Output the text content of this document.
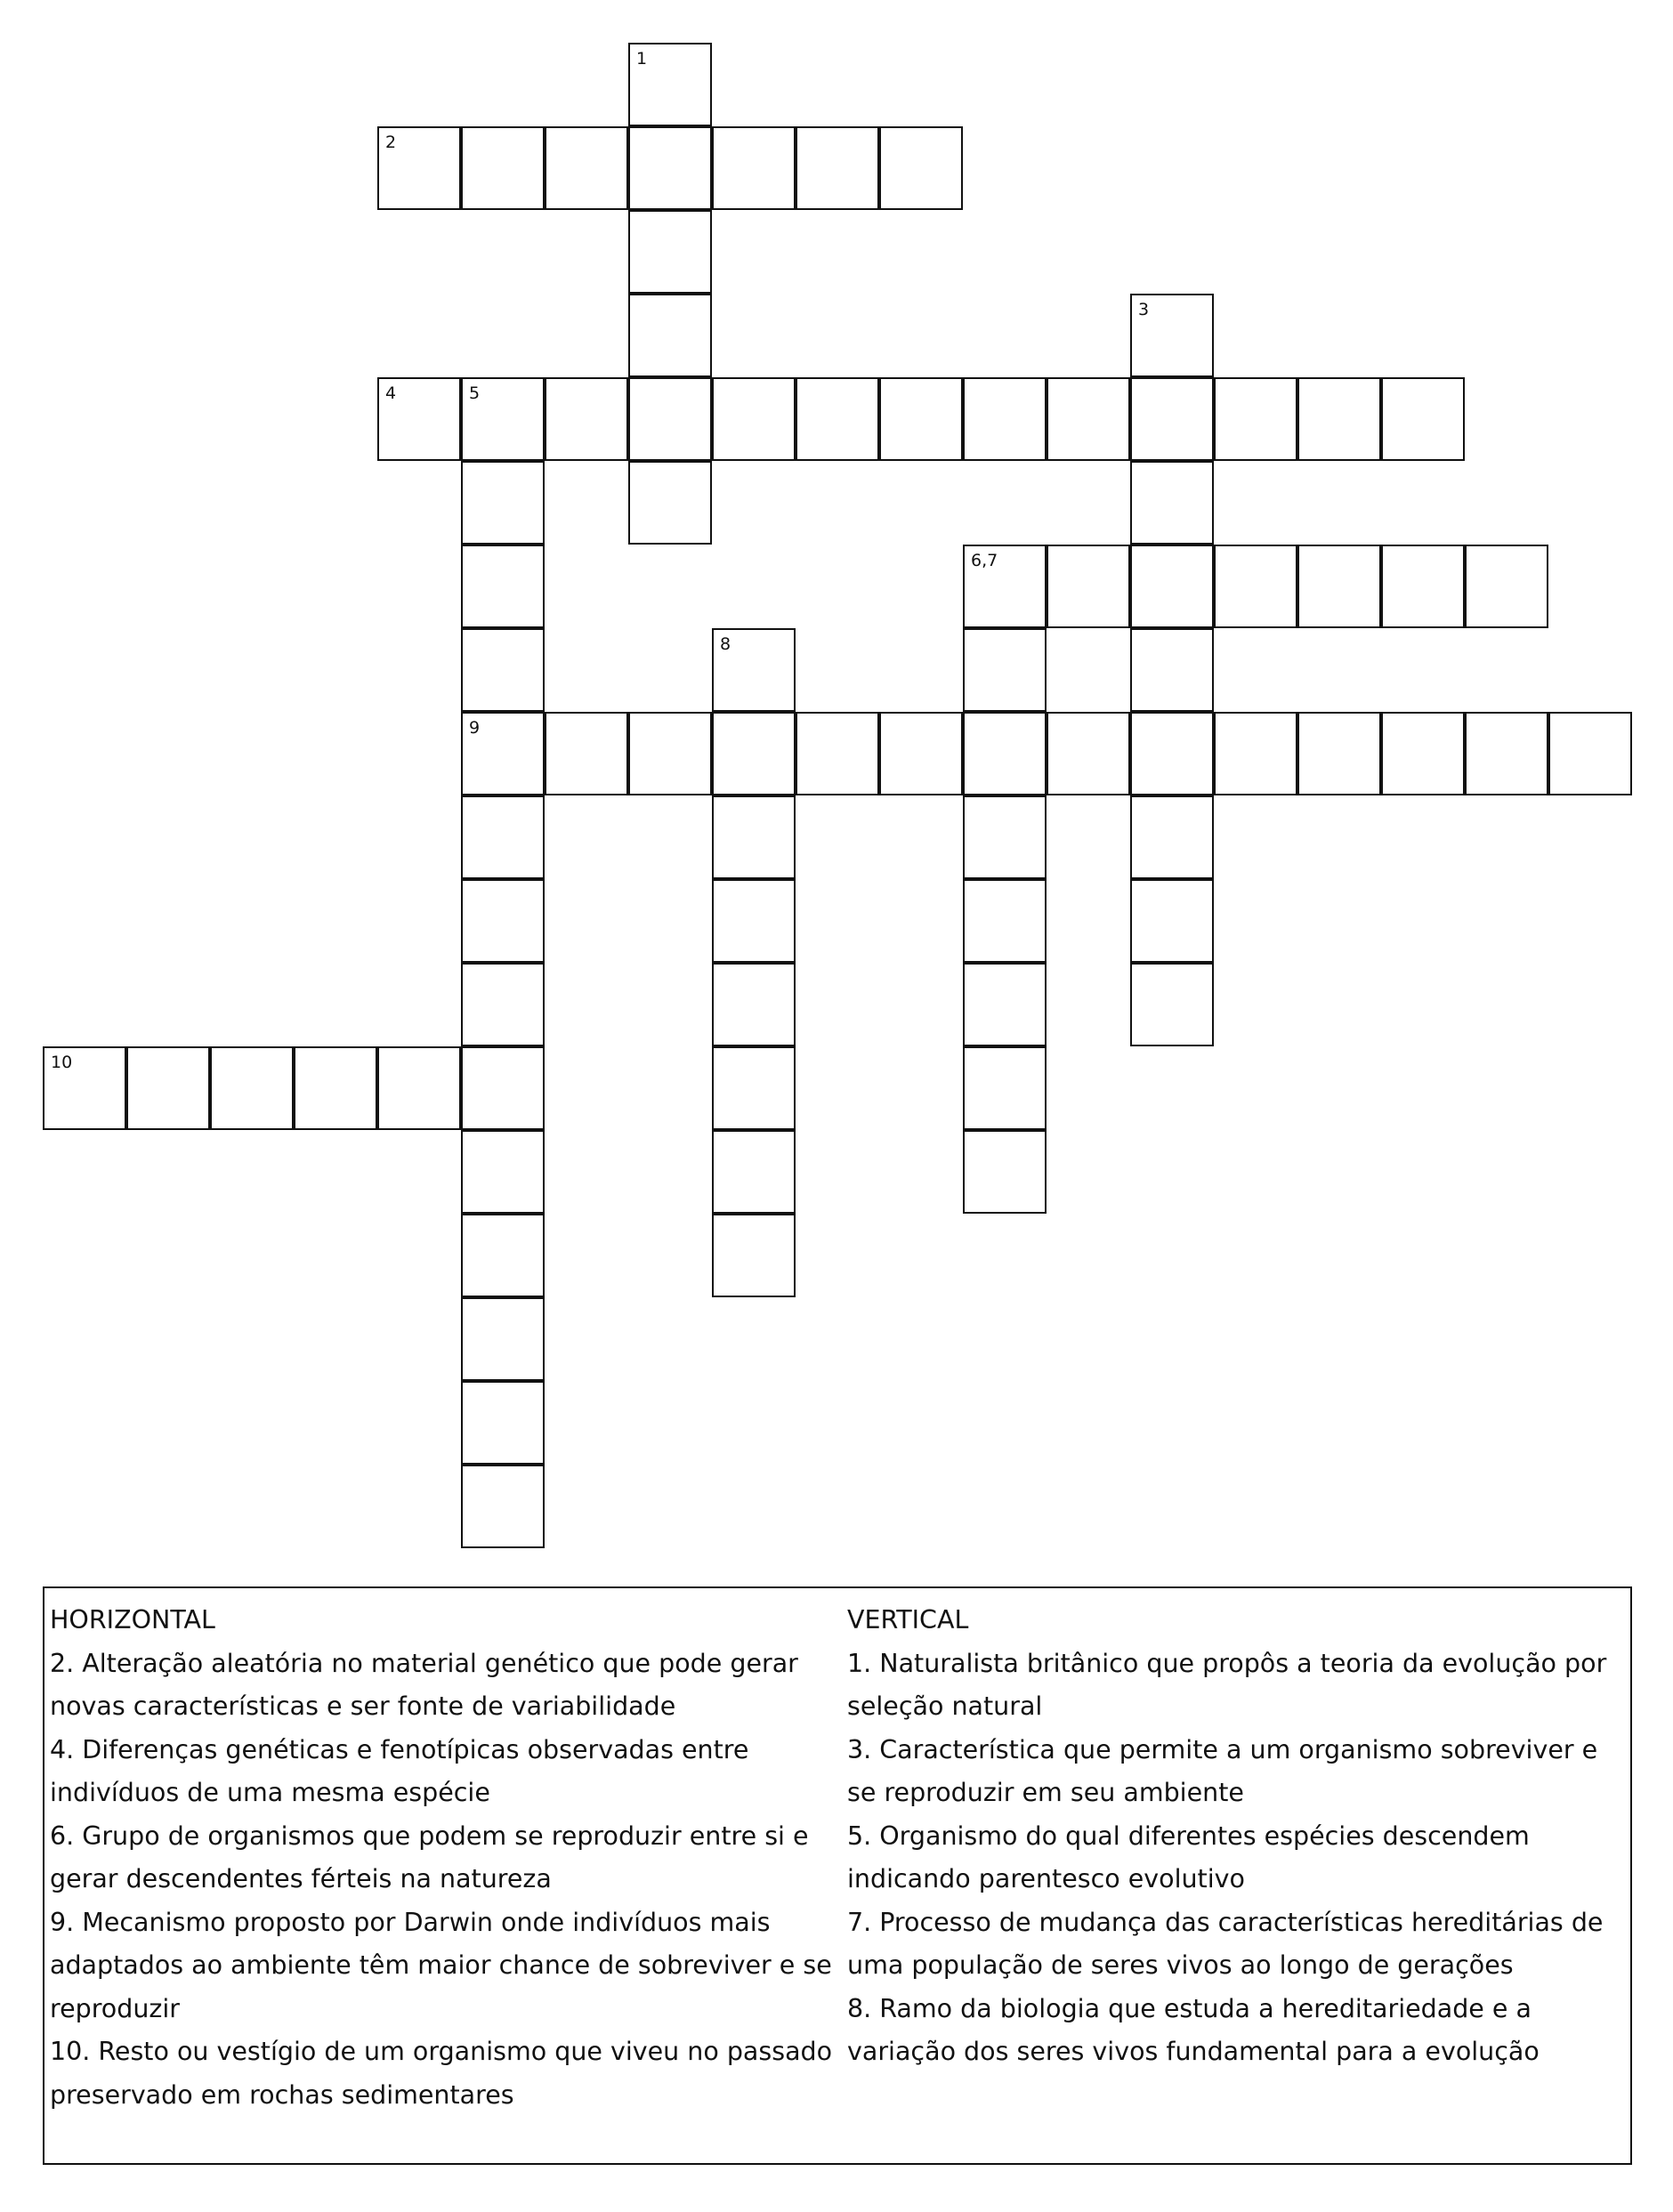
1
2
3
4	5
9
6,7
8
10
HORIZONTAL
2. Alteração aleatória no material genético que pode gerar novas características e ser fonte de variabilidade
4. Diferenças genéticas e fenotípicas observadas entre indivíduos de uma mesma espécie
6. Grupo de organismos que podem se reproduzir entre si e gerar descendentes férteis na natureza
9. Mecanismo proposto por Darwin onde indivíduos mais adaptados ao ambiente têm maior chance de sobreviver e se reproduzir
10. Resto ou vestígio de um organismo que viveu no passado preservado em rochas sedimentares
VERTICAL
1. Naturalista britânico que propôs a teoria da evolução por seleção natural
3. Característica que permite a um organismo sobreviver e se reproduzir em seu ambiente
5. Organismo do qual diferentes espécies descendem indicando parentesco evolutivo
7. Processo de mudança das características hereditárias de uma população de seres vivos ao longo de gerações
8. Ramo da biologia que estuda a hereditariedade e a variação dos seres vivos fundamental para a evolução
